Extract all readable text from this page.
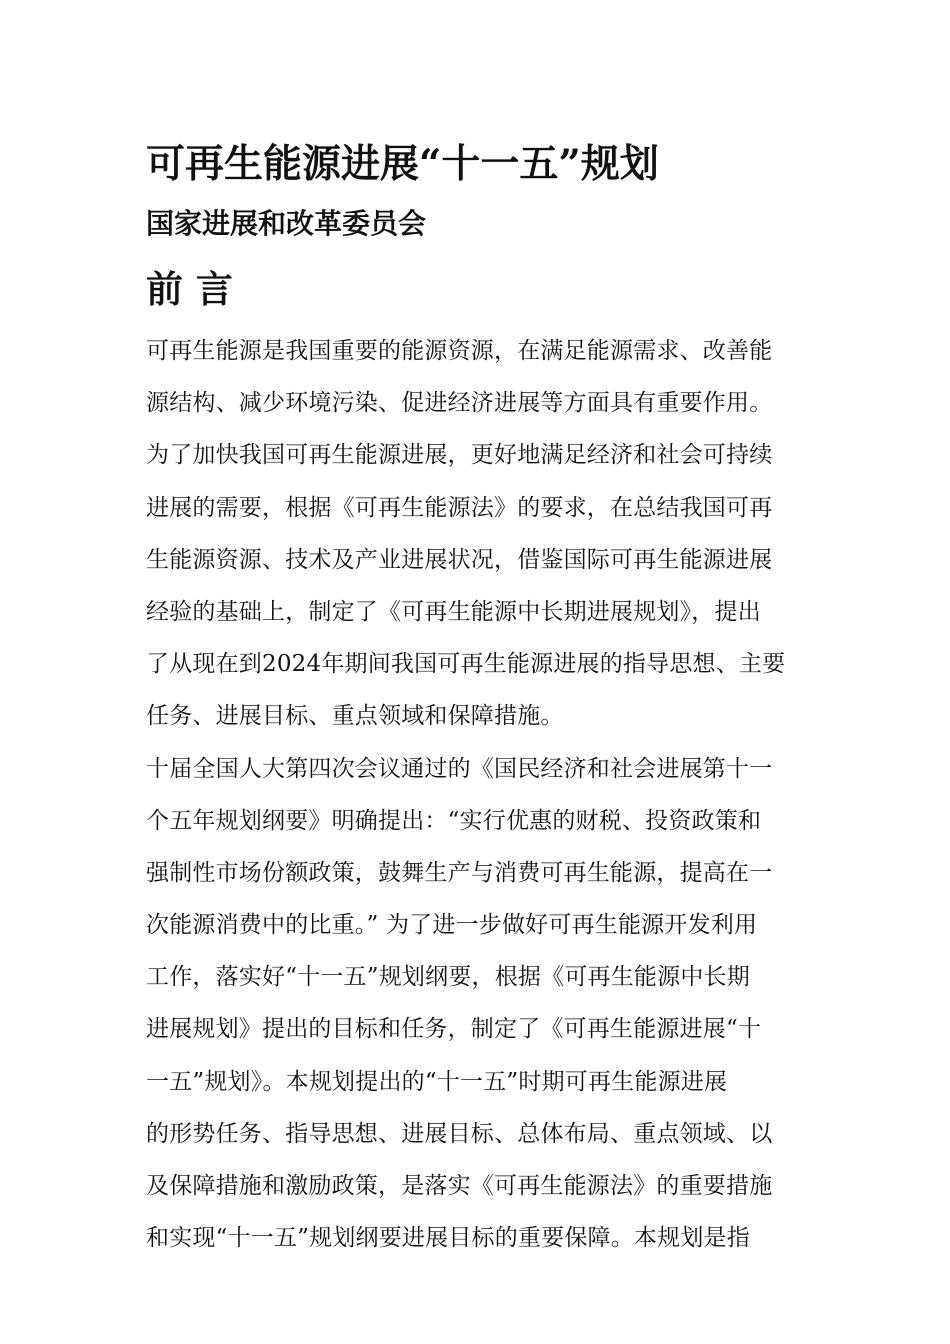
可再生能源进展“十一五”规划
国家进展和改革委员会
前 言
可再生能源是我国重要的能源资源，在满足能源需求、改善能
源结构、减少环境污染、促进经济进展等方面具有重要作用。
为了加快我国可再生能源进展，更好地满足经济和社会可持续
进展的需要，根据《可再生能源法》的要求，在总结我国可再
生能源资源、技术及产业进展状况，借鉴国际可再生能源进展
经验的基础上，制定了《可再生能源中长期进展规划》，提出
了从现在到2024年期间我国可再生能源进展的指导思想、主要
任务、进展目标、重点领域和保障措施。
十届全国人大第四次会议通过的《国民经济和社会进展第十一
个五年规划纲要》明确提出：“实行优惠的财税、投资政策和
强制性市场份额政策，鼓舞生产与消费可再生能源，提高在一
次能源消费中的比重。” 为了进一步做好可再生能源开发利用
工作，落实好“十一五”规划纲要，根据《可再生能源中长期
进展规划》提出的目标和任务，制定了《可再生能源进展“十
一五”规划》。本规划提出的“十一五”时期可再生能源进展
的形势任务、指导思想、进展目标、总体布局、重点领域、以
及保障措施和激励政策，是落实《可再生能源法》的重要措施
和实现“十一五”规划纲要进展目标的重要保障。本规划是指
